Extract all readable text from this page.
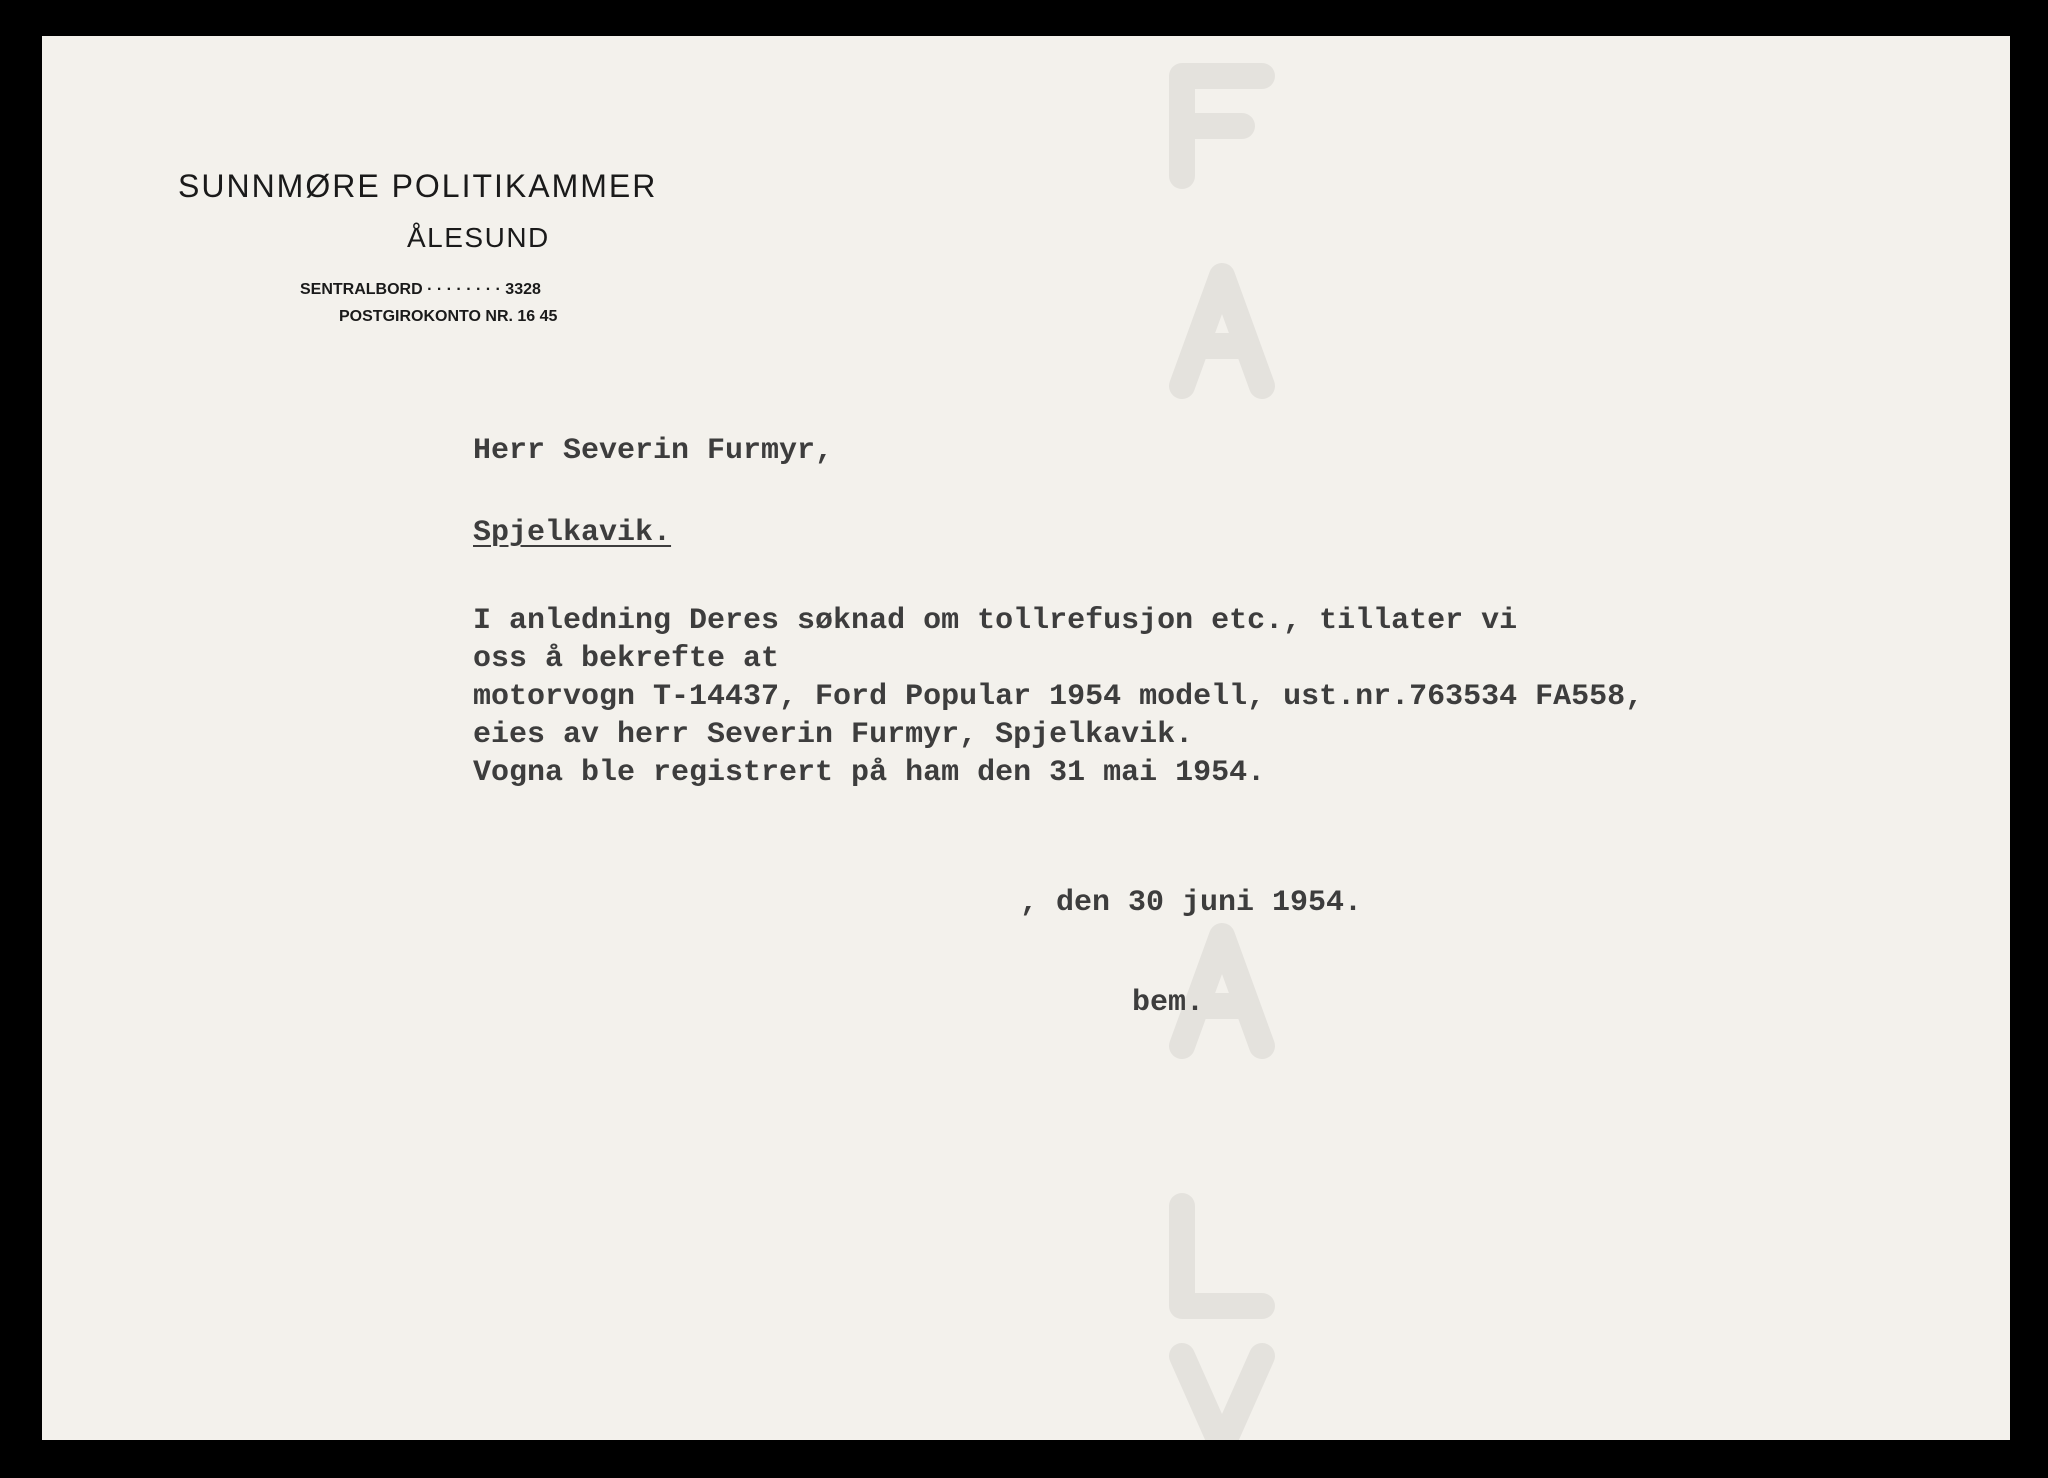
SUNNMØRE POLITIKAMMER
ÅLESUND
SENTRALBORD · · · · · · · · 3328
POSTGIROKONTO NR. 16 45
Herr Severin Furmyr,
Spjelkavik.
I anledning Deres søknad om tollrefusjon etc., tillater vi
oss å bekrefte at
motorvogn T-14437, Ford Popular 1954 modell, ust.nr.763534 FA558,
eies av herr Severin Furmyr, Spjelkavik.
Vogna ble registrert på ham den 31 mai 1954.
, den 30 juni 1954.
bem.
